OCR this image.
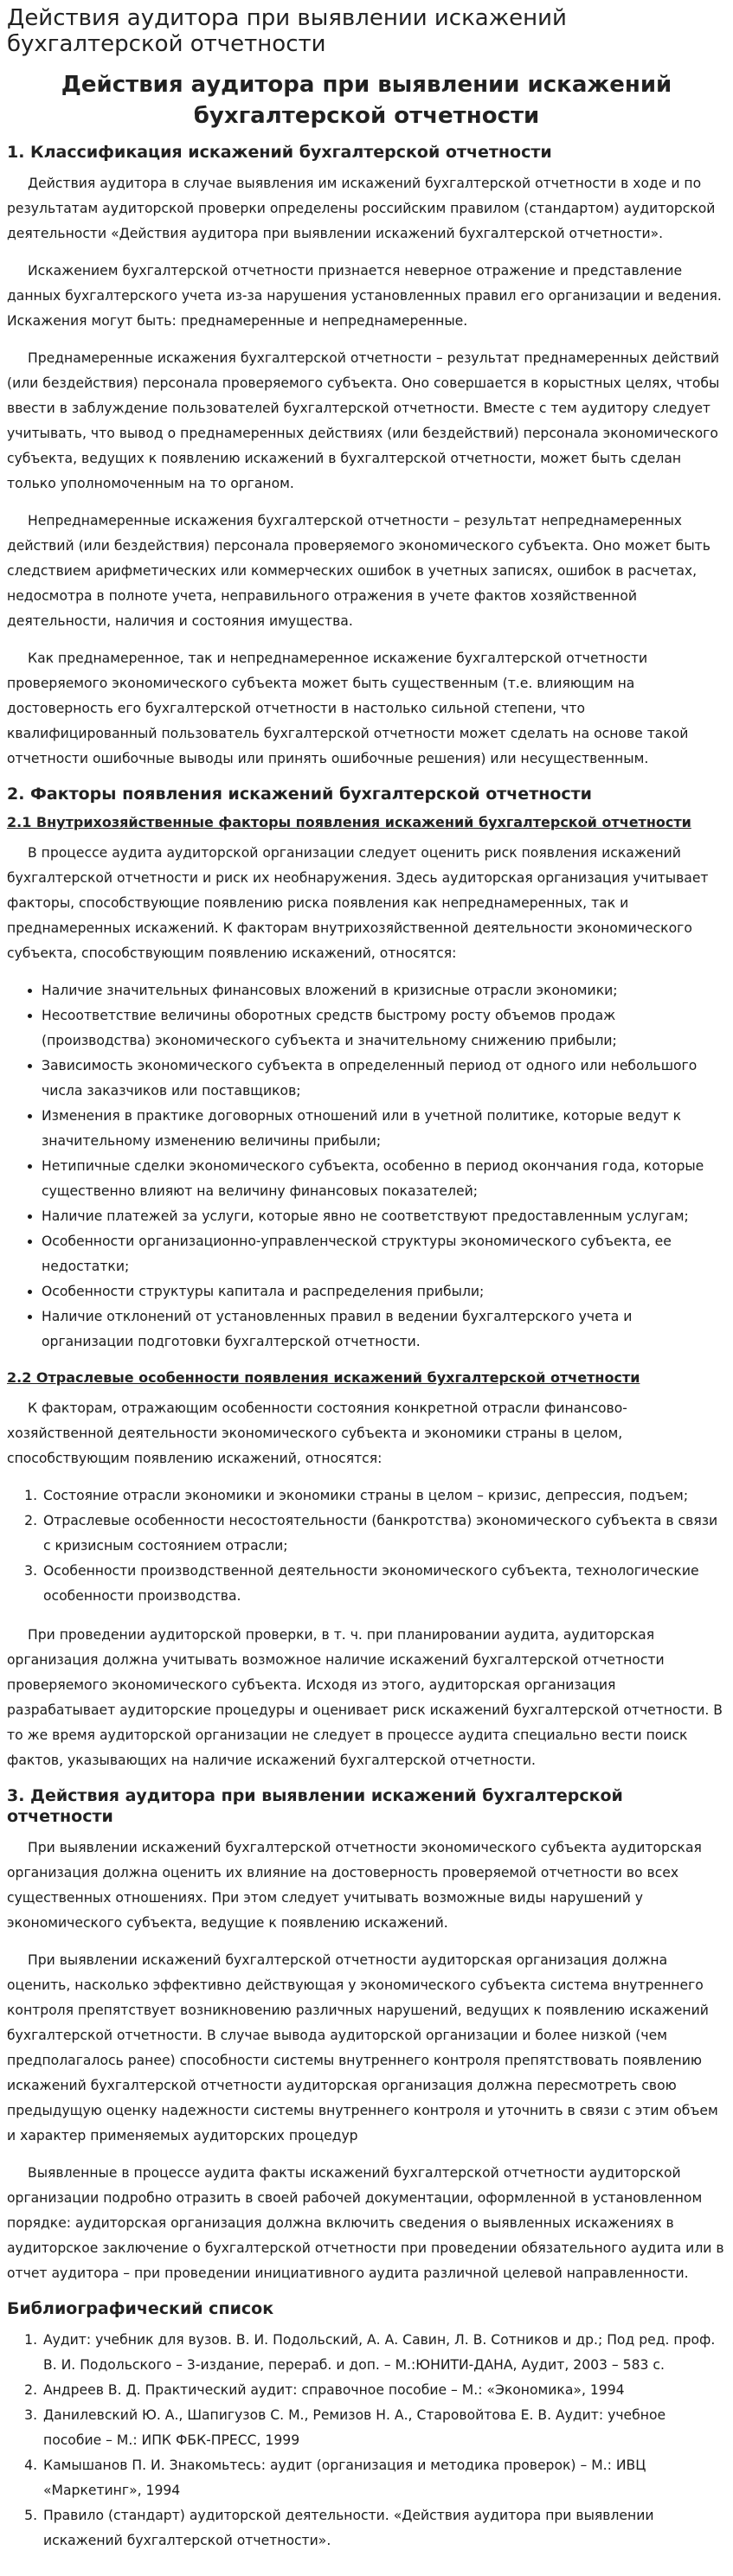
Действия аудитора при выявлении искажений бухгалтерской отчетности
Действия аудитора при выявлении искажений
бухгалтерской отчетности
1. Классификация искажений бухгалтерской отчетности

Действия аудитора в случае выявления им искажений бухгалтерской отчетности в ходе и по результатам аудиторской проверки определены российским правилом (стандартом) аудиторской деятельности «Действия аудитора при выявлении искажений бухгалтерской отчетности».

Искажением бухгалтерской отчетности признается неверное отражение и представление данных бухгалтерского учета из-за нарушения установленных правил его организации и ведения. Искажения могут быть: преднамеренные и непреднамеренные.

Преднамеренные искажения бухгалтерской отчетности – результат преднамеренных действий (или бездействия) персонала проверяемого субъекта. Оно совершается в корыстных целях, чтобы ввести в заблуждение пользователей бухгалтерской отчетности. Вместе с тем аудитору следует учитывать, что вывод о преднамеренных действиях (или бездействий) персонала экономического субъекта, ведущих к появлению искажений в бухгалтерской отчетности, может быть сделан только уполномоченным на то органом.

Непреднамеренные искажения бухгалтерской отчетности – результат непреднамеренных действий (или бездействия) персонала проверяемого экономического субъекта. Оно может быть следствием арифметических или коммерческих ошибок в учетных записях, ошибок в расчетах, недосмотра в полноте учета, неправильного отражения в учете фактов хозяйственной деятельности, наличия и состояния имущества.

Как преднамеренное, так и непреднамеренное искажение бухгалтерской отчетности проверяемого экономического субъекта может быть существенным (т.е. влияющим на достоверность его бухгалтерской отчетности в настолько сильной степени, что квалифицированный пользователь бухгалтерской отчетности может сделать на основе такой отчетности ошибочные выводы или принять ошибочные решения) или несущественным.

2. Факторы появления искажений бухгалтерской отчетности
2.1 Внутрихозяйственные факторы появления искажений бухгалтерской отчетности

В процессе аудита аудиторской организации следует оценить риск появления искажений бухгалтерской отчетности и риск их необнаружения. Здесь аудиторская организация учитывает факторы, способствующие появлению риска появления как непреднамеренных, так и преднамеренных искажений. К факторам внутрихозяйственной деятельности экономического субъекта, способствующим появлению искажений, относятся:

• Наличие значительных финансовых вложений в кризисные отрасли экономики;
• Несоответствие величины оборотных средств быстрому росту объемов продаж (производства) экономического субъекта и значительному снижению прибыли;
• Зависимость экономического субъекта в определенный период от одного или небольшого числа заказчиков или поставщиков;
• Изменения в практике договорных отношений или в учетной политике, которые ведут к значительному изменению величины прибыли;
• Нетипичные сделки экономического субъекта, особенно в период окончания года, которые существенно влияют на величину финансовых показателей;
• Наличие платежей за услуги, которые явно не соответствуют предоставленным услугам;
• Особенности организационно-управленческой структуры экономического субъекта, ее недостатки;
• Особенности структуры капитала и распределения прибыли;
• Наличие отклонений от установленных правил в ведении бухгалтерского учета и организации подготовки бухгалтерской отчетности.
2.2 Отраслевые особенности появления искажений бухгалтерской отчетности

К факторам, отражающим особенности состояния конкретной отрасли финансово-хозяйственной деятельности экономического субъекта и экономики страны в целом, способствующим появлению искажений, относятся:

1. Состояние отрасли экономики и экономики страны в целом – кризис, депрессия, подъем;
2. Отраслевые особенности несостоятельности (банкротства) экономического субъекта в связи с кризисным состоянием отрасли;
3. Особенности производственной деятельности экономического субъекта, технологические особенности производства.

При проведении аудиторской проверки, в т. ч. при планировании аудита, аудиторская организация должна учитывать возможное наличие искажений бухгалтерской отчетности проверяемого экономического субъекта. Исходя из этого, аудиторская организация разрабатывает аудиторские процедуры и оценивает риск искажений бухгалтерской отчетности. В то же время аудиторской организации не следует в процессе аудита специально вести поиск фактов, указывающих на наличие искажений бухгалтерской отчетности.

3. Действия аудитора при выявлении искажений бухгалтерской отчетности

При выявлении искажений бухгалтерской отчетности экономического субъекта аудиторская организация должна оценить их влияние на достоверность проверяемой отчетности во всех существенных отношениях. При этом следует учитывать возможные виды нарушений у экономического субъекта, ведущие к появлению искажений.

При выявлении искажений бухгалтерской отчетности аудиторская организация должна оценить, насколько эффективно действующая у экономического субъекта система внутреннего контроля препятствует возникновению различных нарушений, ведущих к появлению искажений бухгалтерской отчетности. В случае вывода аудиторской организации и более низкой (чем предполагалось ранее) способности системы внутреннего контроля препятствовать появлению искажений бухгалтерской отчетности аудиторская организация должна пересмотреть свою предыдущую оценку надежности системы внутреннего контроля и уточнить в связи с этим объем и характер применяемых аудиторских процедур

Выявленные в процессе аудита факты искажений бухгалтерской отчетности аудиторской организации подробно отразить в своей рабочей документации, оформленной в установленном порядке: аудиторская организация должна включить сведения о выявленных искажениях в аудиторское заключение о бухгалтерской отчетности при проведении обязательного аудита или в отчет аудитора – при проведении инициативного аудита различной целевой направленности.

Библиографический список
1. Аудит: учебник для вузов. В. И. Подольский, А. А. Савин, Л. В. Сотников и др.; Под ред. проф. В. И. Подольского – 3-издание, перераб. и доп. – М.:ЮНИТИ-ДАНА, Аудит, 2003 – 583 с.
2. Андреев В. Д. Практический аудит: справочное пособие – М.: «Экономика», 1994
3. Данилевский Ю. А., Шапигузов С. М., Ремизов Н. А., Старовойтова Е. В. Аудит: учебное пособие – М.: ИПК ФБК-ПРЕСС, 1999
4. Камышанов П. И. Знакомьтесь: аудит (организация и методика проверок) – М.: ИВЦ «Маркетинг», 1994
5. Правило (стандарт) аудиторской деятельности. «Действия аудитора при выявлении искажений бухгалтерской отчетности».
